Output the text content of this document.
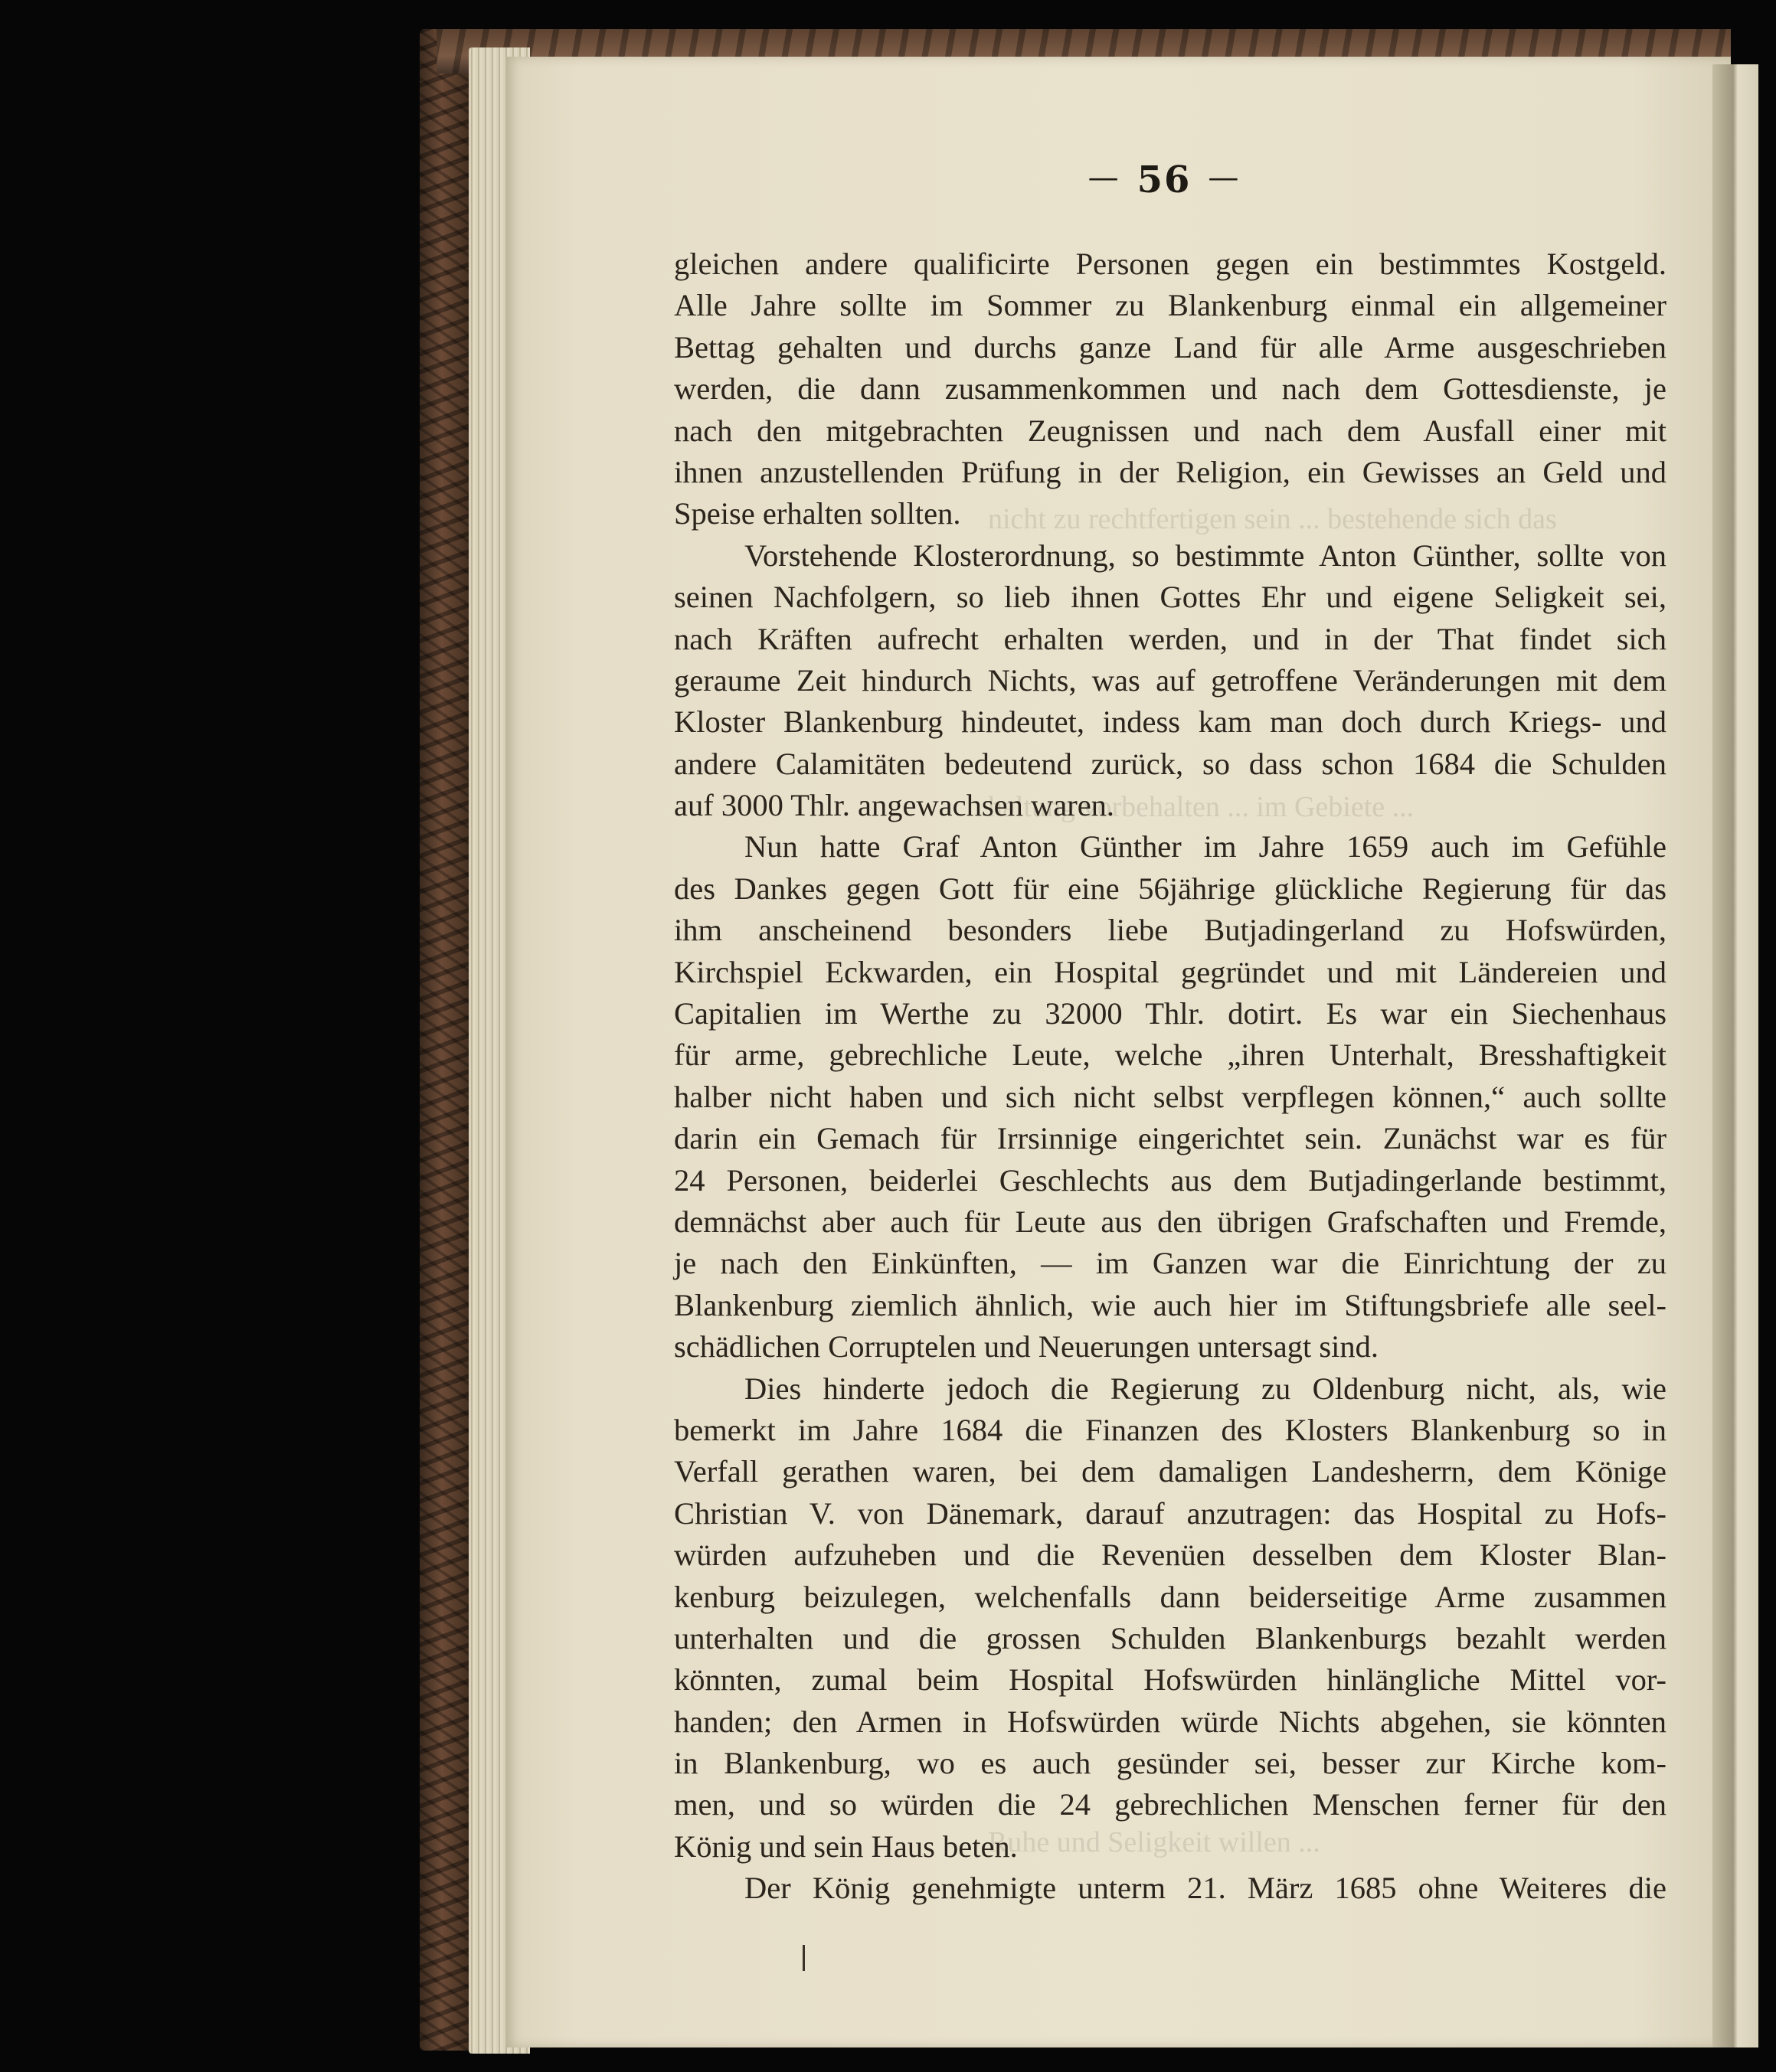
nicht zu rechtfertigen sein ... bestehende sich das
haltung vorbehalten ... im Gebiete ...
Ruhe und Seligkeit willen ...
— 56 —
gleichen andere qualificirte Personen gegen ein bestimmtes Kostgeld.
Alle Jahre sollte im Sommer zu Blankenburg einmal ein allgemeiner
Bettag gehalten und durchs ganze Land für alle Arme ausgeschrieben
werden, die dann zusammenkommen und nach dem Gottesdienste, je
nach den mitgebrachten Zeugnissen und nach dem Ausfall einer mit
ihnen anzustellenden Prüfung in der Religion, ein Gewisses an Geld und
Speise erhalten sollten.
Vorstehende Klosterordnung, so bestimmte Anton Günther, sollte von
seinen Nachfolgern, so lieb ihnen Gottes Ehr und eigene Seligkeit sei,
nach Kräften aufrecht erhalten werden, und in der That findet sich
geraume Zeit hindurch Nichts, was auf getroffene Veränderungen mit dem
Kloster Blankenburg hindeutet, indess kam man doch durch Kriegs- und
andere Calamitäten bedeutend zurück, so dass schon 1684 die Schulden
auf 3000 Thlr. angewachsen waren.
Nun hatte Graf Anton Günther im Jahre 1659 auch im Gefühle
des Dankes gegen Gott für eine 56jährige glückliche Regierung für das
ihm anscheinend besonders liebe Butjadingerland zu Hofswürden,
Kirchspiel Eckwarden, ein Hospital gegründet und mit Ländereien und
Capitalien im Werthe zu 32000 Thlr. dotirt. Es war ein Siechenhaus
für arme, gebrechliche Leute, welche „ihren Unterhalt, Bresshaftigkeit
halber nicht haben und sich nicht selbst verpflegen können,“ auch sollte
darin ein Gemach für Irrsinnige eingerichtet sein. Zunächst war es für
24 Personen, beiderlei Geschlechts aus dem Butjadingerlande bestimmt,
demnächst aber auch für Leute aus den übrigen Grafschaften und Fremde,
je nach den Einkünften, — im Ganzen war die Einrichtung der zu
Blankenburg ziemlich ähnlich, wie auch hier im Stiftungsbriefe alle seel-
schädlichen Corruptelen und Neuerungen untersagt sind.
Dies hinderte jedoch die Regierung zu Oldenburg nicht, als, wie
bemerkt im Jahre 1684 die Finanzen des Klosters Blankenburg so in
Verfall gerathen waren, bei dem damaligen Landesherrn, dem Könige
Christian V. von Dänemark, darauf anzutragen: das Hospital zu Hofs-
würden aufzuheben und die Revenüen desselben dem Kloster Blan-
kenburg beizulegen, welchenfalls dann beiderseitige Arme zusammen
unterhalten und die grossen Schulden Blankenburgs bezahlt werden
könnten, zumal beim Hospital Hofswürden hinlängliche Mittel vor-
handen; den Armen in Hofswürden würde Nichts abgehen, sie könnten
in Blankenburg, wo es auch gesünder sei, besser zur Kirche kom-
men, und so würden die 24 gebrechlichen Menschen ferner für den
König und sein Haus beten.
Der König genehmigte unterm 21. März 1685 ohne Weiteres die
